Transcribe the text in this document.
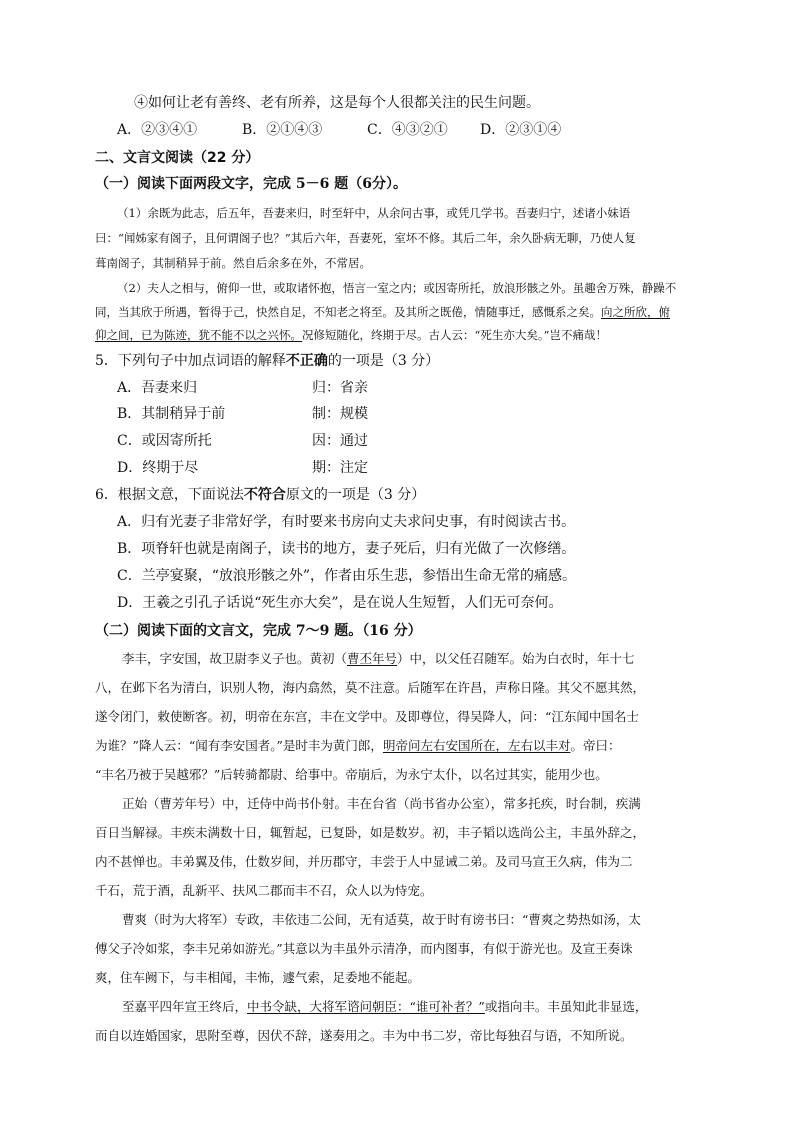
④如何让老有善终、老有所养，这是每个人很都关注的民生问题。
A．②③④①	B．②①④③	C．④③②① D．②③①④
二、文言文阅读（22 分）
（一）阅读下面两段文字，完成 5－6 题（6分）。
（1）余既为此志，后五年，吾妻来归，时至轩中，从余问古事，或凭几学书。吾妻归宁，述诸小妹语
曰：“闻姊家有阁子，且何谓阁子也？”其后六年，吾妻死，室坏不修。其后二年，余久卧病无聊，乃使人复
葺南阁子，其制稍异于前。然自后余多在外，不常居。
（2）夫人之相与，俯仰一世，或取诸怀抱，悟言一室之内；或因寄所托，放浪形骸之外。虽趣舍万殊，静躁不
同，当其欣于所遇，暂得于己，快然自足，不知老之将至。及其所之既倦，情随事迁，感慨系之矣。向之所欣，俯
仰之间，已为陈迹，犹不能不以之兴怀。况修短随化，终期于尽。古人云：“死生亦大矣。”岂不痛哉！
5．下列句子中加点词语的解释不正确的一项是（3 分）
A．吾妻来归	归：省亲
B．其制稍异于前	制：规模
C．或因寄所托	因：通过
D．终期于尽	期：注定
6．根据文意，下面说法不符合原文的一项是（3 分）
A．归有光妻子非常好学，有时要来书房向丈夫求问史事，有时阅读古书。
B．项脊轩也就是南阁子，读书的地方，妻子死后，归有光做了一次修缮。
C．兰亭宴聚，“放浪形骸之外”，作者由乐生悲，参悟出生命无常的痛感。
D．王羲之引孔子话说“死生亦大矣”，是在说人生短暂，人们无可奈何。
（二）阅读下面的文言文，完成 7～9 题。（16 分）
李丰，字安国，故卫尉李义子也。黄初（曹丕年号）中，以父任召随军。始为白衣时，年十七
八，在邺下名为清白，识别人物，海内翕然，莫不注意。后随军在许昌，声称日隆。其父不愿其然，
遂令闭门，敕使断客。初，明帝在东宫，丰在文学中。及即尊位，得吴降人，问：“江东闻中国名士
为谁？”降人云：“闻有李安国者。”是时丰为黄门郎，明帝问左右安国所在，左右以丰对。帝曰：
“丰名乃被于吴越邪？”后转骑都尉、给事中。帝崩后，为永宁太仆，以名过其实，能用少也。
正始（曹芳年号）中，迁侍中尚书仆射。丰在台省（尚书省办公室），常多托疾，时台制，疾满
百日当解禄。丰疾未满数十日，辄暂起，已复卧，如是数岁。初，丰子韬以选尚公主，丰虽外辞之，
内不甚惮也。丰弟翼及伟，仕数岁间，并历郡守，丰尝于人中显诫二弟。及司马宣王久病，伟为二
千石，荒于酒，乱新平、扶风二郡而丰不召，众人以为恃宠。
曹爽（时为大将军）专政，丰依违二公间，无有适莫，故于时有谤书曰：“曹爽之势热如汤，太
傅父子冷如浆，李丰兄弟如游光。”其意以为丰虽外示清净，而内图事，有似于游光也。及宣王奏诛
爽，住车阙下，与丰相闻，丰怖，遽气索，足委地不能起。
至嘉平四年宣王终后，中书令缺，大将军谘问朝臣：“谁可补者？”或指向丰。丰虽知此非显选，
而自以连婚国家，思附至尊，因伏不辞，遂奏用之。丰为中书二岁，帝比每独召与语，不知所说。
